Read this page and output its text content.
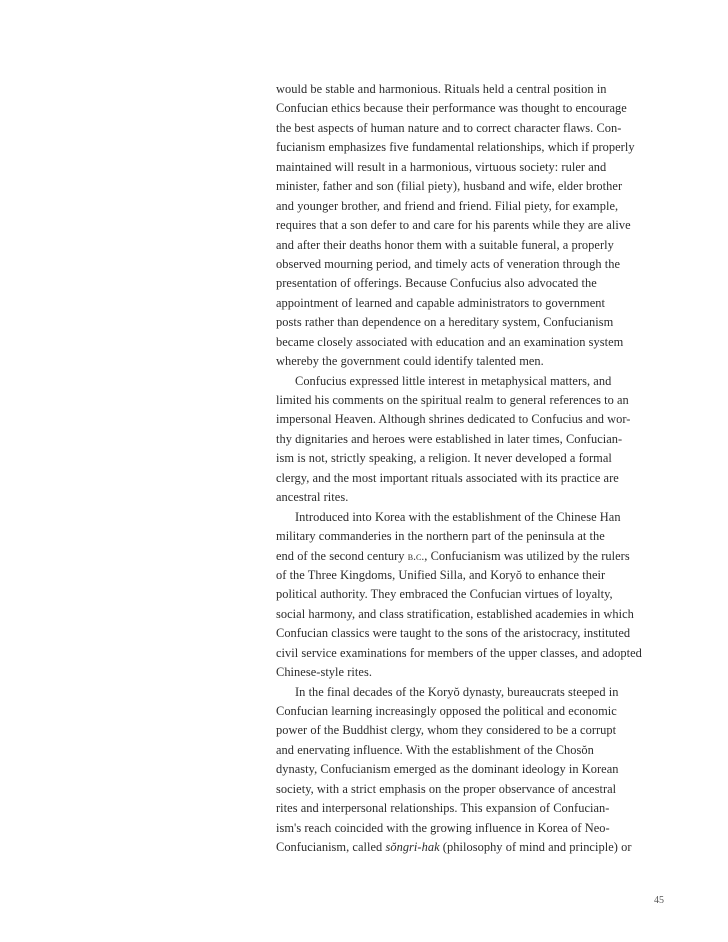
would be stable and harmonious. Rituals held a central position in
Confucian ethics because their performance was thought to encourage
the best aspects of human nature and to correct character flaws. Con-
fucianism emphasizes five fundamental relationships, which if properly
maintained will result in a harmonious, virtuous society: ruler and
minister, father and son (filial piety), husband and wife, elder brother
and younger brother, and friend and friend. Filial piety, for example,
requires that a son defer to and care for his parents while they are alive
and after their deaths honor them with a suitable funeral, a properly
observed mourning period, and timely acts of veneration through the
presentation of offerings. Because Confucius also advocated the
appointment of learned and capable administrators to government
posts rather than dependence on a hereditary system, Confucianism
became closely associated with education and an examination system
whereby the government could identify talented men.
Confucius expressed little interest in metaphysical matters, and
limited his comments on the spiritual realm to general references to an
impersonal Heaven. Although shrines dedicated to Confucius and wor-
thy dignitaries and heroes were established in later times, Confucian-
ism is not, strictly speaking, a religion. It never developed a formal
clergy, and the most important rituals associated with its practice are
ancestral rites.
Introduced into Korea with the establishment of the Chinese Han
military commanderies in the northern part of the peninsula at the
end of the second century b.c., Confucianism was utilized by the rulers
of the Three Kingdoms, Unified Silla, and Koryŏ to enhance their
political authority. They embraced the Confucian virtues of loyalty,
social harmony, and class stratification, established academies in which
Confucian classics were taught to the sons of the aristocracy, instituted
civil service examinations for members of the upper classes, and adopted
Chinese-style rites.
In the final decades of the Koryŏ dynasty, bureaucrats steeped in
Confucian learning increasingly opposed the political and economic
power of the Buddhist clergy, whom they considered to be a corrupt
and enervating influence. With the establishment of the Chosŏn
dynasty, Confucianism emerged as the dominant ideology in Korean
society, with a strict emphasis on the proper observance of ancestral
rites and interpersonal relationships. This expansion of Confucian-
ism's reach coincided with the growing influence in Korea of Neo-
Confucianism, called sŏngri-hak (philosophy of mind and principle) or
45
